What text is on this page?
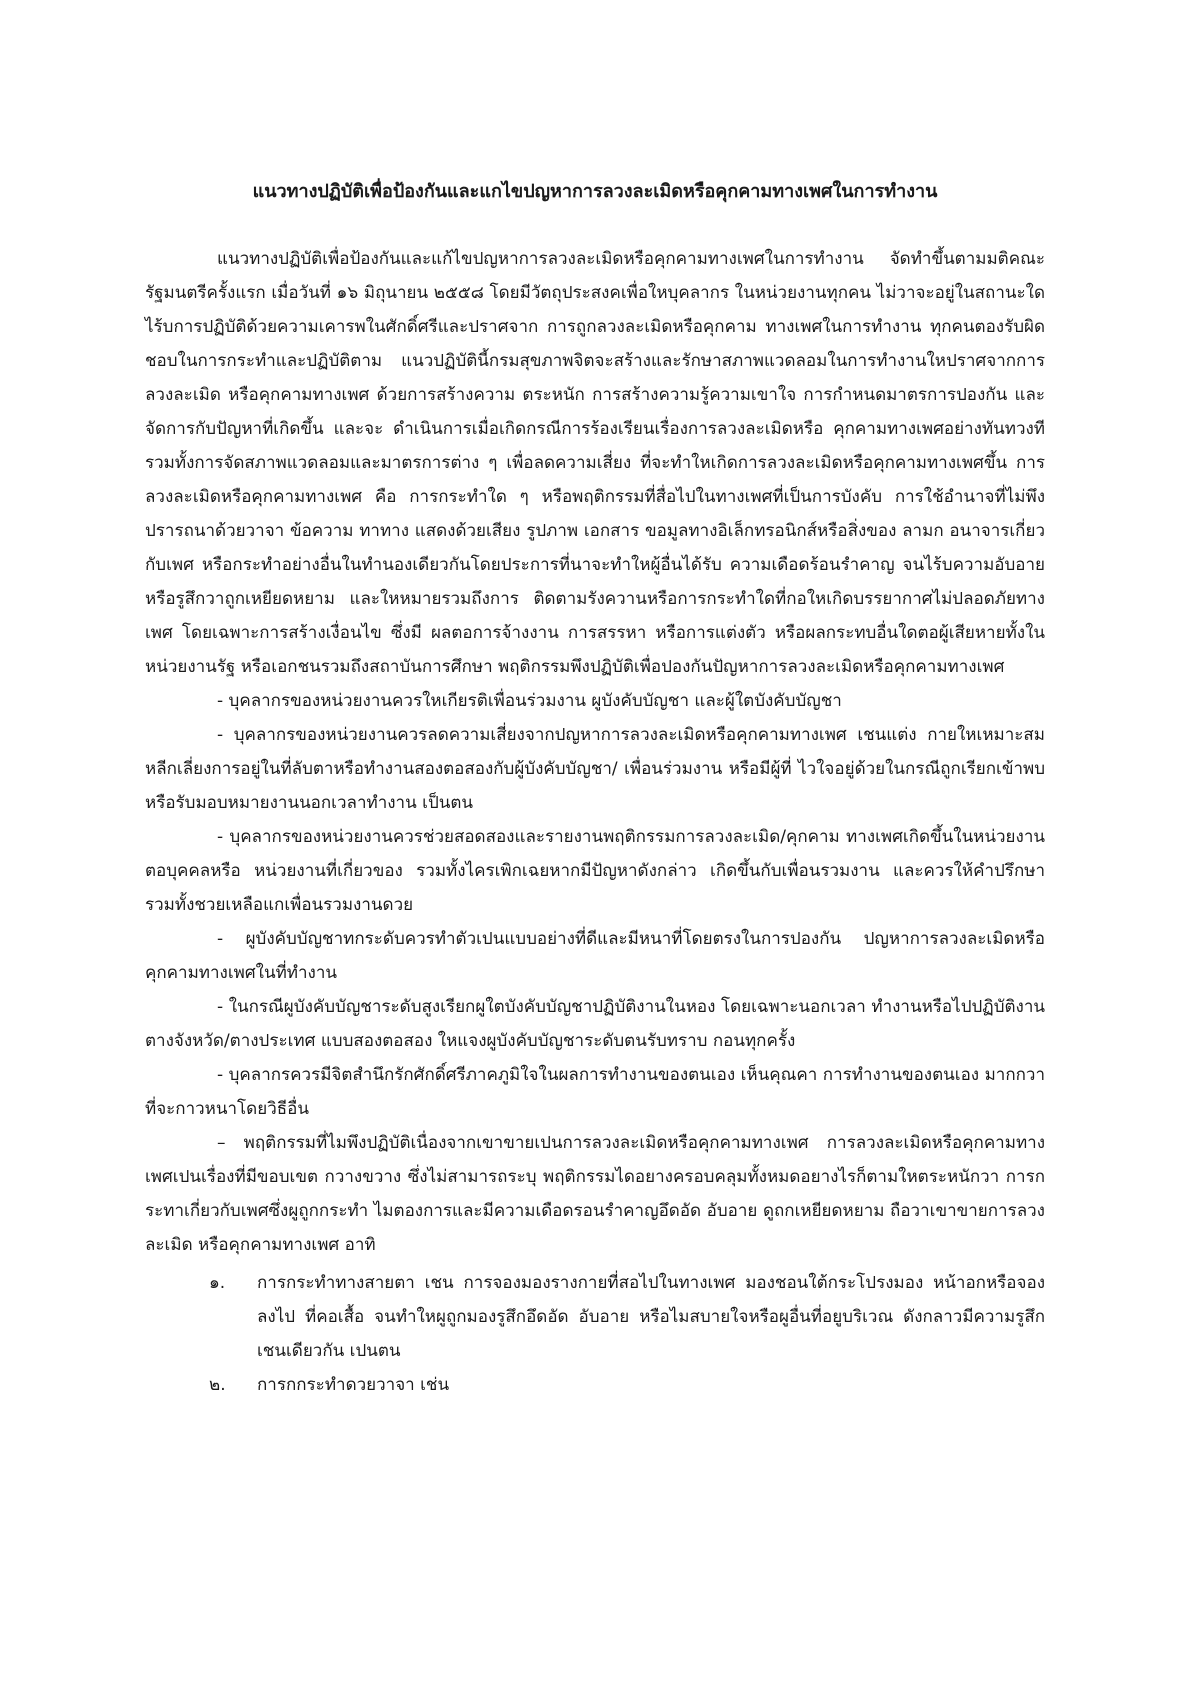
แนวทางปฏิบัติเพื่อป้องกันและแกไขปญหาการลวงละเมิดหรือคุกคามทางเพศในการทำงาน

แนวทางปฏิบัติเพื่อป้องกันและแก้ไขปญหาการลวงละเมิดหรือคุกคามทางเพศในการทำงาน จัดทำขึ้นตามมติคณะรัฐมนตรีครั้งแรก เมื่อวันที่ ๑๖ มิถุนายน ๒๕๕๘ โดยมีวัตถุประสงคเพื่อใหบุคลากร ในหน่วยงานทุกคน ไม่วาจะอยู่ในสถานะใดไร้บการปฏิบัติด้วยความเคารพในศักดิ์ศรีและปราศจาก การถูกลวงละเมิดหรือคุกคาม ทางเพศในการทำงาน ทุกคนตองรับผิดชอบในการกระทำและปฏิบัติตาม แนวปฏิบัตินี้กรมสุขภาพจิตจะสร้างและรักษาสภาพแวดลอมในการทำงานใหปราศจากการลวงละเมิด หรือคุกคามทางเพศ ด้วยการสร้างความ ตระหนัก การสร้างความรู้ความเขาใจ การกำหนดมาตรการปองกัน และจัดการกับปัญหาที่เกิดขึ้น และจะ ดำเนินการเมื่อเกิดกรณีการร้องเรียนเรื่องการลวงละเมิดหรือ คุกคามทางเพศอย่างทันทวงทีรวมทั้งการจัดสภาพแวดลอมและมาตรการต่าง ๆ เพื่อลดความเสี่ยง ที่จะทำใหเกิดการลวงละเมิดหรือคุกคามทางเพศขึ้น การลวงละเมิดหรือคุกคามทางเพศ คือ การกระทำใด ๆ หรือพฤติกรรมที่สื่อไปในทางเพศที่เป็นการบังคับ การใช้อำนาจที่ไม่พึง ปรารถนาด้วยวาจา ข้อความ ทาทาง แสดงด้วยเสียง รูปภาพ เอกสาร ขอมูลทางอิเล็กทรอนิกส์หรือสิ่งของ ลามก อนาจารเกี่ยวกับเพศ หรือกระทำอย่างอื่นในทำนองเดียวกันโดยประการที่นาจะทำใหผู้อื่นได้รับ ความเดือดร้อนรำคาญ จนไร้บความอับอาย หรือรูสึกวาถูกเหยียดหยาม และใหหมายรวมถึงการ ติดตามรังควานหรือการกระทำใดที่กอใหเกิดบรรยากาศไม่ปลอดภัยทางเพศ โดยเฉพาะการสร้างเงื่อนไข ซึ่งมี ผลตอการจ้างงาน การสรรหา หรือการแต่งตัว หรือผลกระทบอื่นใดตอผู้เสียหายทั้งในหน่วยงานรัฐ หรือเอกชนรวมถึงสถาบันการศึกษา พฤติกรรมพึงปฏิบัติเพื่อปองกันปัญหาการลวงละเมิดหรือคุกคามทางเพศ

- บุคลากรของหน่วยงานควรใหเกียรติเพื่อนร่วมงาน ผูบังคับบัญชา และผู้ใตบังคับบัญชา

- บุคลากรของหน่วยงานควรลดความเสี่ยงจากปญหาการลวงละเมิดหรือคุกคามทางเพศ เชนแต่ง กายใหเหมาะสม หลีกเลี่ยงการอยู่ในที่ลับตาหรือทำงานสองตอสองกับผู้บังคับบัญชา/ เพื่อนร่วมงาน หรือมีผู้ที่ ไวใจอยู่ด้วยในกรณีถูกเรียกเข้าพบหรือรับมอบหมายงานนอกเวลาทำงาน เป็นตน

- บุคลากรของหน่วยงานควรช่วยสอดสองและรายงานพฤติกรรมการลวงละเมิด/คุกคาม ทางเพศเกิดขึ้นในหน่วยงานตอบุคคลหรือ หน่วยงานที่เกี่ยวของ รวมทั้งไครเพิกเฉยหากมีปัญหาดังกล่าว เกิดขึ้นกับเพื่อนรวมงาน และควรให้คำปรึกษา รวมทั้งชวยเหลือแกเพื่อนรวมงานดวย

- ผูบังคับบัญชาทกระดับควรทำตัวเปนแบบอย่างที่ดีและมีหนาที่โดยตรงในการปองกัน ปญหาการลวงละเมิดหรือคุกคามทางเพศในที่ทำงาน

- ในกรณีผูบังคับบัญชาระดับสูงเรียกผูใตบังคับบัญชาปฏิบัติงานในหอง โดยเฉพาะนอกเวลา ทำงานหรือไปปฏิบัติงานตางจังหวัด/ตางประเทศ แบบสองตอสอง ใหแจงผูบังคับบัญชาระดับตนรับทราบ กอนทุกครั้ง

- บุคลากรควรมีจิตสำนึกรักศักดิ์ศรีภาคภูมิใจในผลการทำงานของตนเอง เห็นคุณคา การทำงานของตนเอง มากกวาที่จะกาวหนาโดยวิธีอื่น

– พฤติกรรมที่ไมพึงปฏิบัติเนื่องจากเขาขายเปนการลวงละเมิดหรือคุกคามทางเพศ การลวงละเมิดหรือคุกคามทางเพศเปนเรื่องที่มีขอบเขต กวางขวาง ซึ่งไม่สามารถระบุ พฤติกรรมไดอยางครอบคลุมทั้งหมดอยางไรก็ตามใหตระหนักวา การกระทาเกี่ยวกับเพศซึ่งผูถูกกระทำ ไมตองการและมีความเดือดรอนรำคาญอึดอัด อับอาย ดูถกเหยียดหยาม ถือวาเขาขายการลวงละเมิด หรือคุกคามทางเพศ อาทิ

๑.	การกระทำทางสายตา เชน การจองมองรางกายที่สอไปในทางเพศ มองชอนใต้กระโปรงมอง หน้าอกหรือจองลงไป ที่คอเสื้อ จนทำใหผูถูกมองรูสึกอึดอัด อับอาย หรือไมสบายใจหรือผูอื่นที่อยูบริเวณ ดังกลาวมีความรูสึก เชนเดียวกัน เปนตน
๒.	การกกระทำดวยวาจา เช่น
